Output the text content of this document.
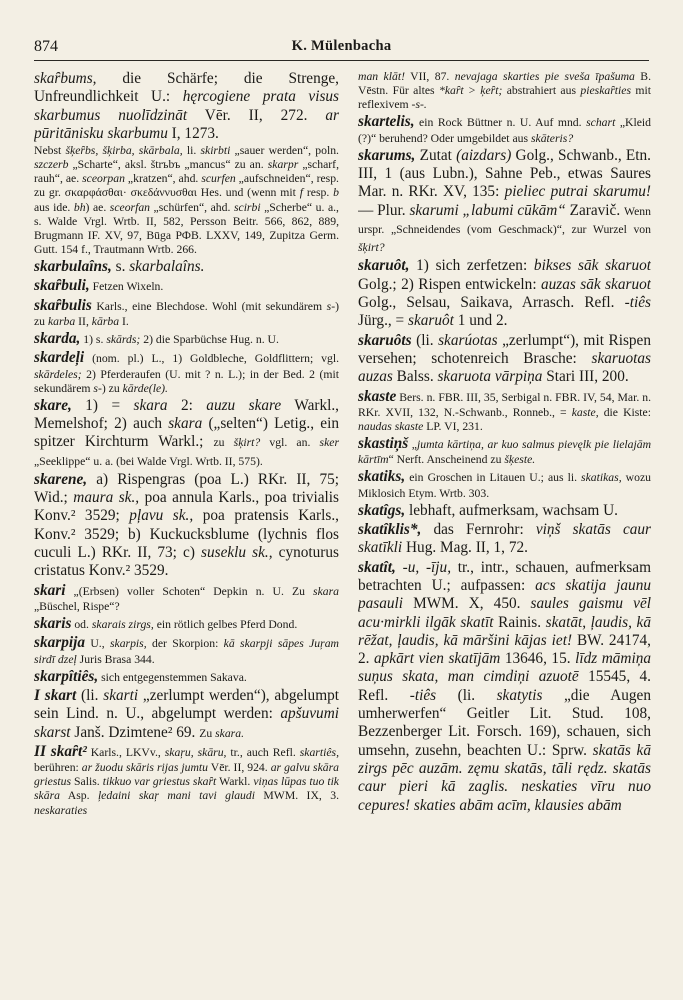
874	K. Mülenbacha

skaȓbums, die Schärfe; die Strenge, Unfreundlichkeit U.: hęrcogiene prata visus skarbumus nuolīdzināt Vēr. II, 272. ar pūritānisku skarbumu I, 1273.

Nebst šķeȓbs, šķirba, skārbala, li. skirbti „sauer werden“, poln. szczerb „Scharte“, aksl. štrъbъ „mancus“ zu an. skarpr „scharf, rauh“, ae. sceorpan „kratzen“, ahd. scurfen „aufschneiden“, resp. zu gr. σκαρφάσθαι· σκεδάννυσθαι Hes. und (wenn mit f resp. b aus ide. bh) ae. sceorfan „schürfen“, ahd. scirbi „Scherbe“ u. a., s. Walde Vrgl. Wrtb. II, 582, Persson Beitr. 566, 862, 889, Brugmann IF. XV, 97, Būga РФВ. LXXV, 149, Zupitza Germ. Gutt. 154 f., Trautmann Wrtb. 266.

skarbulaîns, s. skarbalaîns.

skaȓbuli, Fetzen Wixeln.

skaȓbulis Karls., eine Blechdose. Wohl (mit sekundärem s-) zu karba II, kārba I.

skarda, 1) s. skārds; 2) die Sparbüchse Hug. n. U.

skardeļi (nom. pl.) L., 1) Goldbleche, Goldflittern; vgl. skārdeles; 2) Pferderaufen (U. mit ? n. L.); in der Bed. 2 (mit sekundärem s-) zu kārde(le).

skare, 1) = skara 2: auzu skare Warkl., Memelshof; 2) auch skara („selten“) Letig., ein spitzer Kirchturm Warkl.; zu šķirt? vgl. an. sker „Seeklippe“ u. a. (bei Walde Vrgl. Wrtb. II, 575).

skarene, a) Rispengras (poa L.) RKr. II, 75; Wid.; maura sk., poa annula Karls., poa trivialis Konv.² 3529; pļavu sk., poa pratensis Karls., Konv.² 3529; b) Kuckucksblume (lychnis flos cuculi L.) RKr. II, 73; c) suseklu sk., cynoturus cristatus Konv.² 3529.

skari „(Erbsen) voller Schoten“ Depkin n. U. Zu skara „Büschel, Rispe“?

skaris od. skarais zirgs, ein rötlich gelbes Pferd Dond.

skarpija U., skarpis, der Skorpion: kā skarpji sāpes Juŗam sirdī dzeļ Juris Brasa 344.

skarpîtiês, sich entgegenstemmen Sakava.

I skart (li. skarti „zerlumpt werden“), abgelumpt sein Lind. n. U., abgelumpt werden: apšuvumi skarst Janš. Dzimtene² 69. Zu skara.

II skaȓt² Karls., LKVv., skaŗu, skāru, tr., auch Refl. skartiês, berühren: ar žuodu skāris rijas jumtu Vēr. II, 924. ar galvu skāra griestus Salis. tikkuo var griestus skaȓt Warkl. viņas lūpas tuo tik skāra Asp. ļedaini skaŗ mani tavi glaudi MWM. IX, 3. neskaraties

man klāt! VII, 87. nevajaga skarties pie sveša īpašuma B. Vēstn. Für altes *kaȓt > ķeȓt; abstrahiert aus pieskaȓties mit reflexivem -s-.

skartelis, ein Rock Büttner n. U. Auf mnd. schart „Kleid (?)“ beruhend? Oder umgebildet aus skāteris?

skarums, Zutat (aizdars) Golg., Schwanb., Etn. III, 1 (aus Lubn.), Sahne Peb., etwas Saures Mar. n. RKr. XV, 135: pieliec putrai skarumu! — Plur. skarumi „labumi cūkām“ Zaravič. Wenn urspr. „Schneidendes (vom Geschmack)“, zur Wurzel von šķirt?

skaruôt, 1) sich zerfetzen: bikses sāk skaruot Golg.; 2) Rispen entwickeln: auzas sāk skaruot Golg., Selsau, Saikava, Arrasch. Refl. -tiês Jürg., = skaruôt 1 und 2.

skaruôts (li. skarúotas „zerlumpt“), mit Rispen versehen; schotenreich Brasche: skaruotas auzas Balss. skaruota vārpiņa Stari III, 200.

skaste Bers. n. FBR. III, 35, Serbigal n. FBR. IV, 54, Mar. n. RKr. XVII, 132, N.-Schwanb., Ronneb., = kaste, die Kiste: naudas skaste LP. VI, 231.

skastiņš „jumta kārtiņa, ar kuo salmus pievęlk pie lielajām kārtīm“ Nerft. Anscheinend zu šķeste.

skatiks, ein Groschen in Litauen U.; aus li. skatikas, wozu Miklosich Etym. Wrtb. 303.

skatîgs, lebhaft, aufmerksam, wachsam U.

skatîklis*, das Fernrohr: viņš skatās caur skatīkli Hug. Mag. II, 1, 72.

skatît, -u, -īju, tr., intr., schauen, aufmerksam betrachten U.; aufpassen: acs skatija jaunu pasauli MWM. X, 450. saules gaismu vēl acu·mirkli ilgāk skatīt Rainis. skatāt, ļaudis, kā rēžat, ļaudis, kā māršini kājas iet! BW. 24174, 2. apkārt vien skatījām 13646, 15. līdz māmiņa suņus skata, man cimdiņi azuotē 15545, 4. Refl. -tiês (li. skatytis „die Augen umherwerfen“ Geitler Lit. Stud. 108, Bezzenberger Lit. Forsch. 169), schauen, sich umsehn, zusehn, beachten U.: Sprw. skatās kā zirgs pēc auzām. zęmu skatās, tāli rędz. skatās caur pieri kā zaglis. neskaties vīru nuo cepures! skaties abām acīm, klausies abām
